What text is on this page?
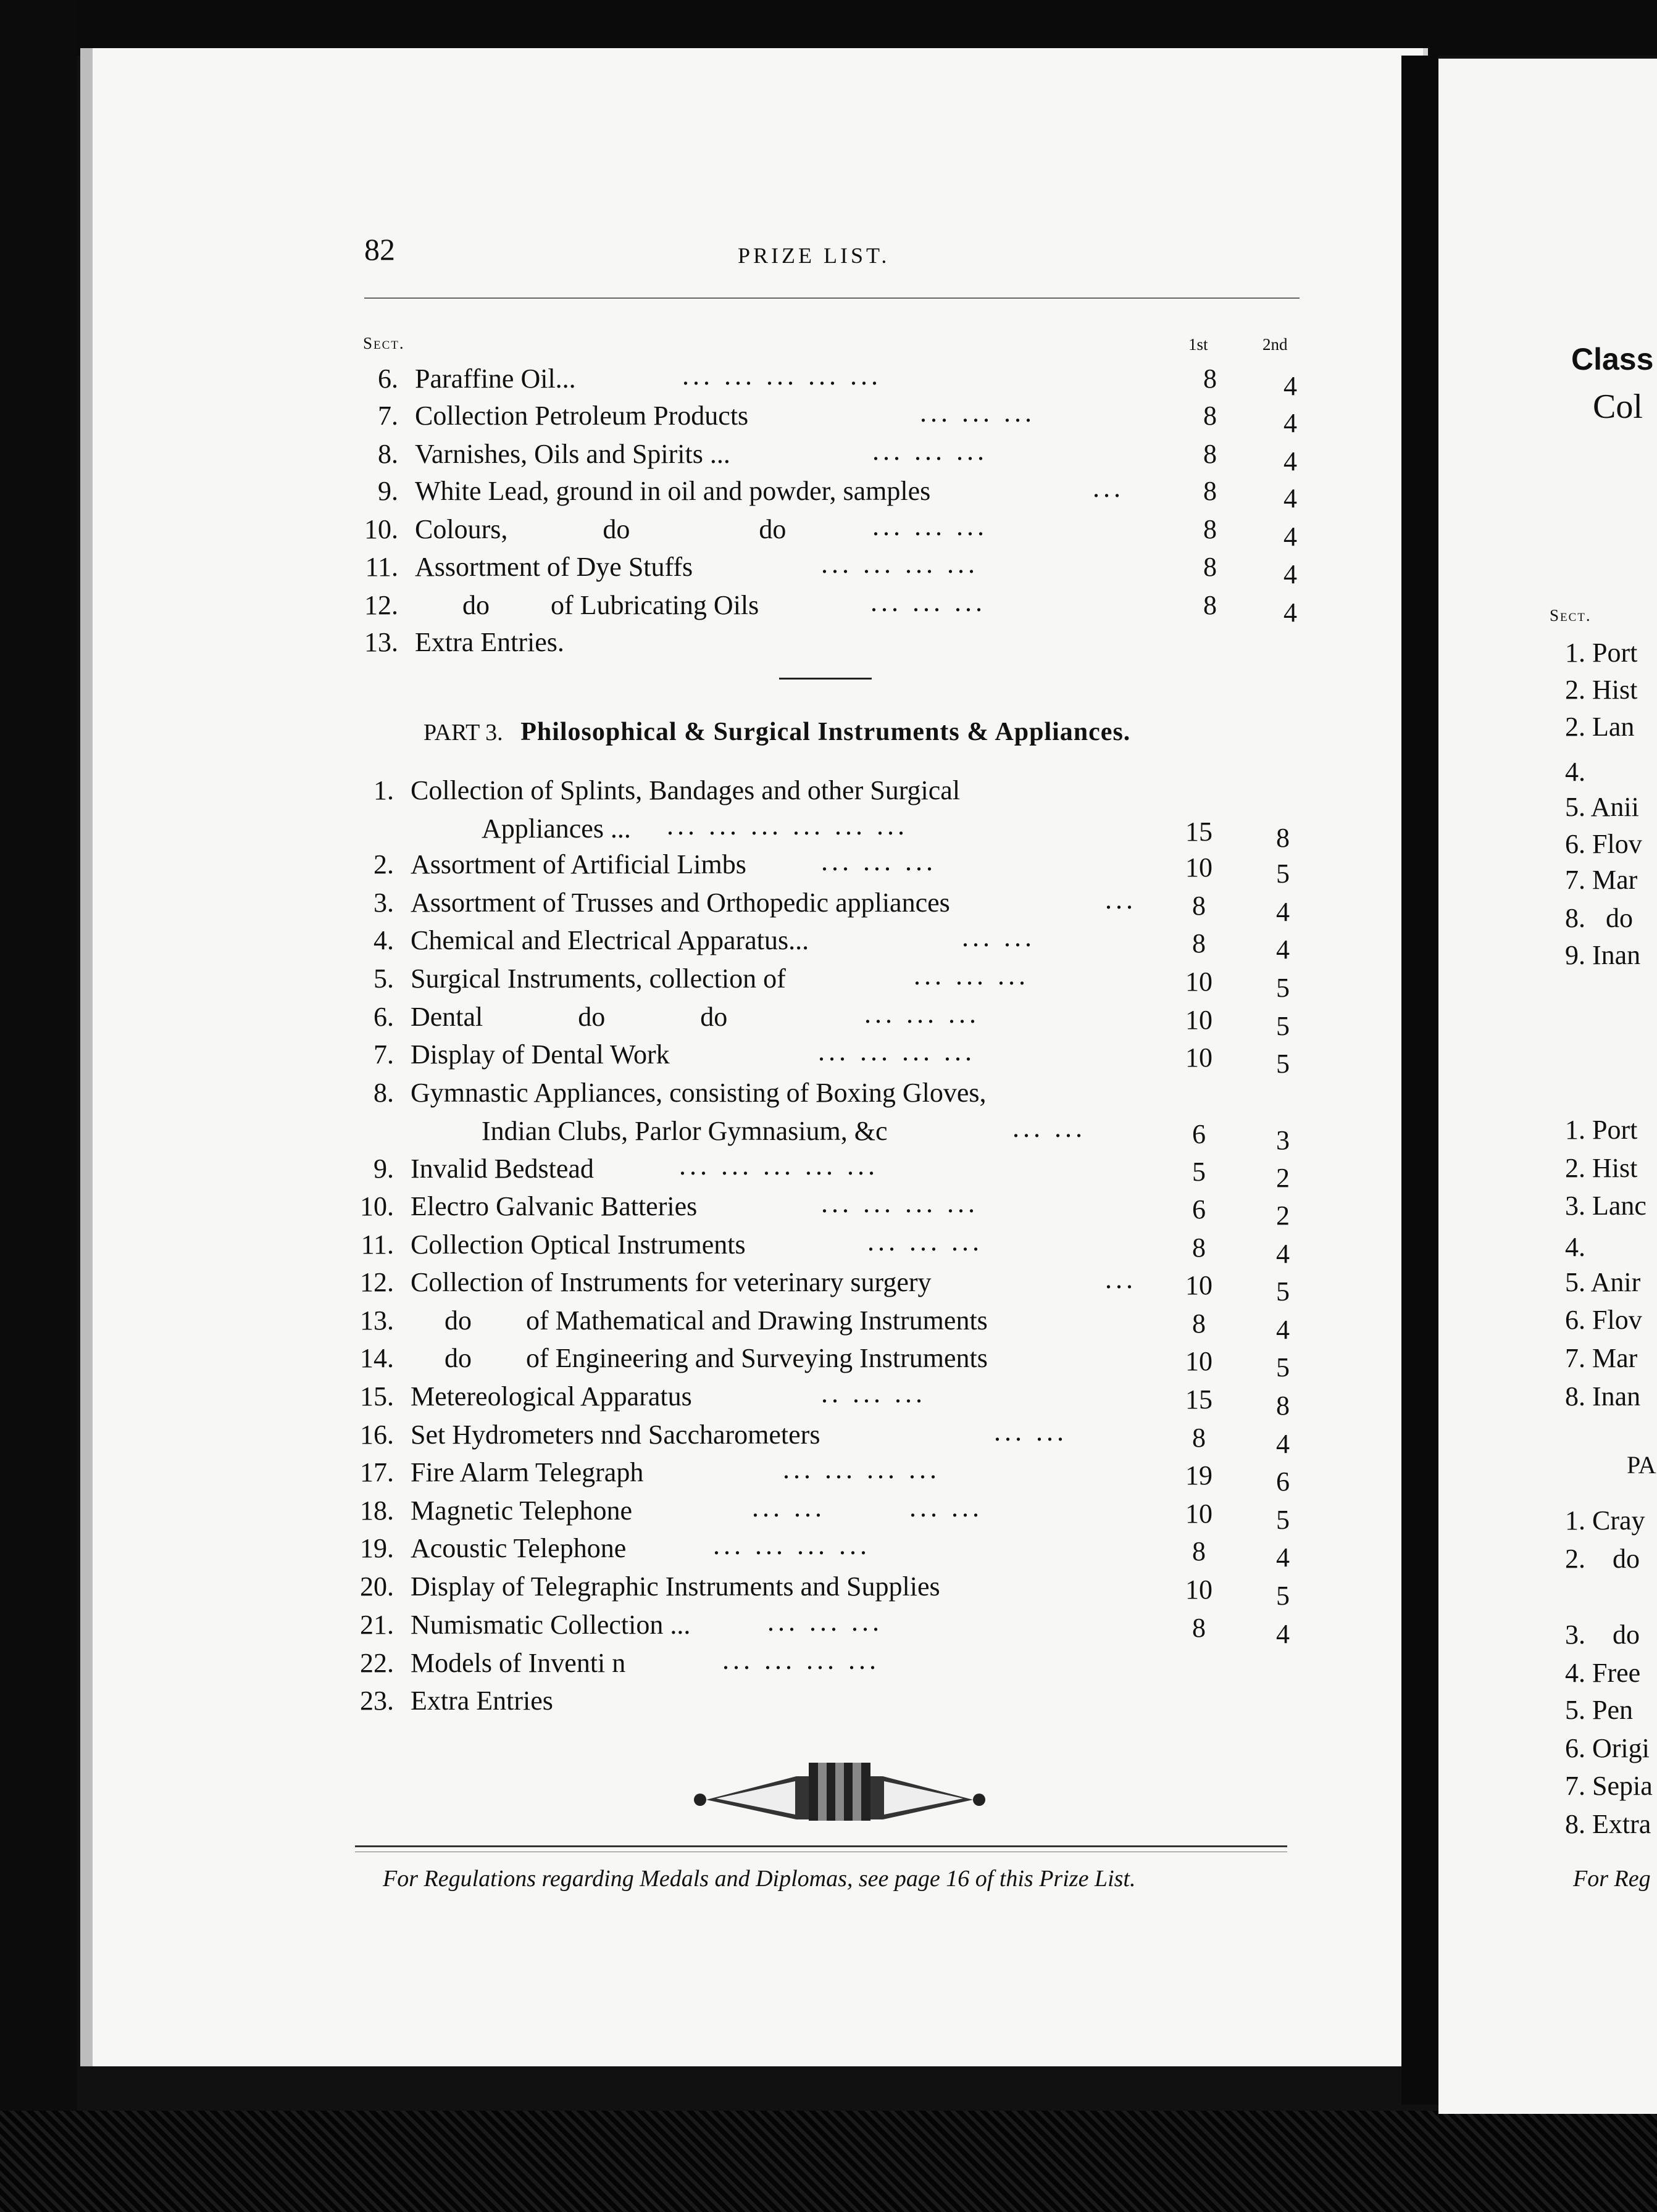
82	PRIZE LIST.
Sect.	1st	2nd
6. Paraffine Oil...	... ... ... ... ...	8	4
7. Collection Petroleum Products	... ... ...	8	4
8. Varnishes, Oils and Spirits ...	... ... ...	8	4
9. White Lead, ground in oil and powder, samples	...	8	4
10. Colours,              do                   do	... ... ...	8	4
11. Assortment of Dye Stuffs	... ... ... ...	8	4
12. do         of Lubricating Oils	... ... ...	8	4
13. Extra Entries.
PART 3. Philosophical & Surgical Instruments & Appliances.
1. Collection of Splints, Bandages and other Surgical
Appliances ... ... ... ... ... ... ...	15	8
2. Assortment of Artificial Limbs	... ... ...	10	5
3. Assortment of Trusses and Orthopedic appliances	...	8	4
4. Chemical and Electrical Apparatus...	... ...	8	4
5. Surgical Instruments, collection of	... ... ...	10	5
6. Dental              do              do	... ... ...	10	5
7. Display of Dental Work	... ... ... ...	10	5
8. Gymnastic Appliances, consisting of Boxing Gloves,
Indian Clubs, Parlor Gymnasium, &c	... ...	6	3
9. Invalid Bedstead	... ... ... ... ...	5	2
10. Electro Galvanic Batteries	... ... ... ...	6	2
11. Collection Optical Instruments	... ... ...	8	4
12. Collection of Instruments for veterinary surgery	... 10	5
13. do        of Mathematical and Drawing Instruments	8	4
14. do        of Engineering and Surveying Instruments	10	5
15. Metereological Apparatus	.. ... ...	15	8
16. Set Hydrometers nnd Saccharometers	... ...	8	4
17. Fire Alarm Telegraph	... ... ... ...	19	6
18. Magnetic Telephone	... ...        ... ...	10	5
19. Acoustic Telephone	... ... ... ...	8	4
20. Display of Telegraphic Instruments and Supplies	10	5
21. Numismatic Collection ...	... ... ...	8	4
22. Models of Inventi n	... ... ... ...
23. Extra Entries
For Regulations regarding Medals and Diplomas, see page 16 of this Prize List.
Class
Col
Sect.
1. Port
2. Hist
2. Lan
4.
5. Anii
6. Flov
7. Mar
8.   do
9. Inan
1. Port
2. Hist
3. Lanc
4.
5. Anir
6. Flov
7. Mar
8. Inan
PA
1. Cray
2.    do
3.    do
4. Free
5. Pen
6. Origi
7. Sepia
8. Extra
For Reg
